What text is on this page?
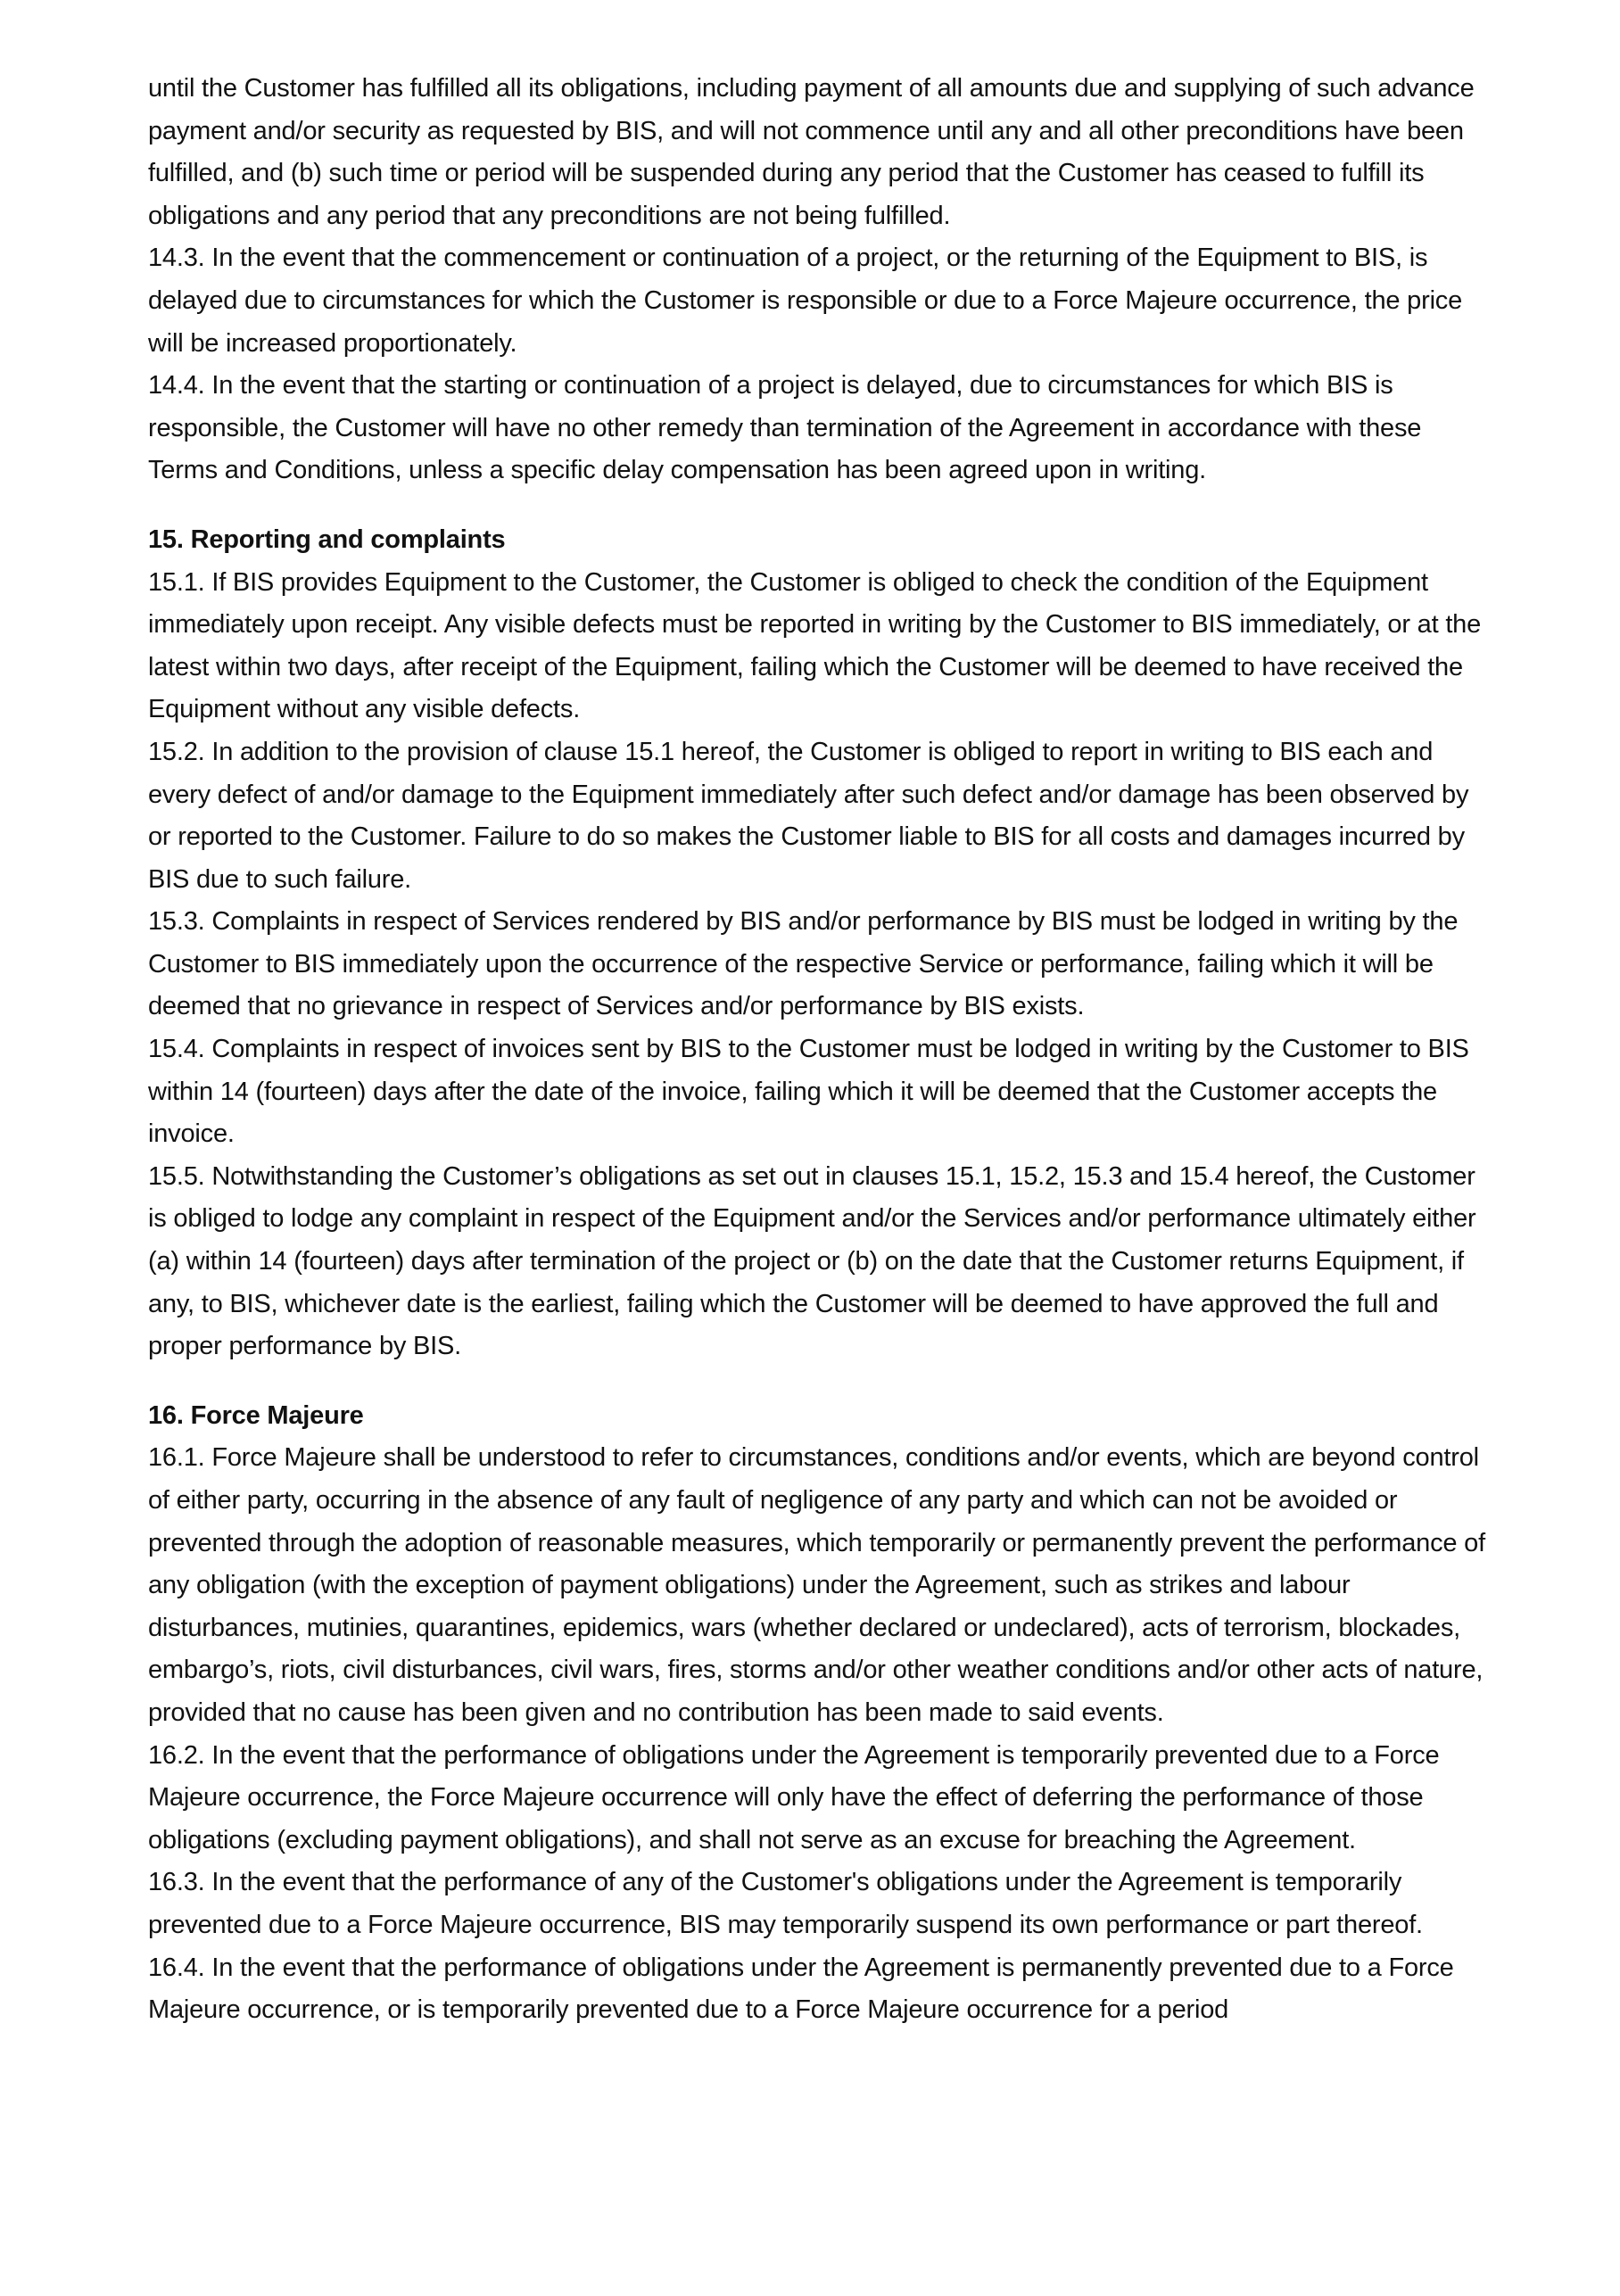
until the Customer has fulfilled all its obligations, including payment of all amounts due and supplying of such advance payment and/or security as requested by BIS, and will not commence until any and all other preconditions have been fulfilled, and (b) such time or period will be suspended during any period that the Customer has ceased to fulfill its obligations and any period that any preconditions are not being fulfilled.

14.3. In the event that the commencement or continuation of a project, or the returning of the Equipment to BIS, is delayed due to circumstances for which the Customer is responsible or due to a Force Majeure occurrence, the price will be increased proportionately.

14.4. In the event that the starting or continuation of a project is delayed, due to circumstances for which BIS is responsible, the Customer will have no other remedy than termination of the Agreement in accordance with these Terms and Conditions, unless a specific delay compensation has been agreed upon in writing.

15. Reporting and complaints

15.1. If BIS provides Equipment to the Customer, the Customer is obliged to check the condition of the Equipment immediately upon receipt. Any visible defects must be reported in writing by the Customer to BIS immediately, or at the latest within two days, after receipt of the Equipment, failing which the Customer will be deemed to have received the Equipment without any visible defects.

15.2. In addition to the provision of clause 15.1 hereof, the Customer is obliged to report in writing to BIS each and every defect of and/or damage to the Equipment immediately after such defect and/or damage has been observed by or reported to the Customer. Failure to do so makes the Customer liable to BIS for all costs and damages incurred by BIS due to such failure.

15.3. Complaints in respect of Services rendered by BIS and/or performance by BIS must be lodged in writing by the Customer to BIS immediately upon the occurrence of the respective Service or performance, failing which it will be deemed that no grievance in respect of Services and/or performance by BIS exists.

15.4. Complaints in respect of invoices sent by BIS to the Customer must be lodged in writing by the Customer to BIS within 14 (fourteen) days after the date of the invoice, failing which it will be deemed that the Customer accepts the invoice.

15.5. Notwithstanding the Customer’s obligations as set out in clauses 15.1, 15.2, 15.3 and 15.4 hereof, the Customer is obliged to lodge any complaint in respect of the Equipment and/or the Services and/or performance ultimately either (a) within 14 (fourteen) days after termination of the project or (b) on the date that the Customer returns Equipment, if any, to BIS, whichever date is the earliest, failing which the Customer will be deemed to have approved the full and proper performance by BIS.

16. Force Majeure

16.1. Force Majeure shall be understood to refer to circumstances, conditions and/or events, which are beyond control of either party, occurring in the absence of any fault of negligence of any party and which can not be avoided or prevented through the adoption of reasonable measures, which temporarily or permanently prevent the performance of any obligation (with the exception of payment obligations) under the Agreement, such as strikes and labour disturbances, mutinies, quarantines, epidemics, wars (whether declared or undeclared), acts of terrorism, blockades, embargo’s, riots, civil disturbances, civil wars, fires, storms and/or other weather conditions and/or other acts of nature, provided that no cause has been given and no contribution has been made to said events.

16.2. In the event that the performance of obligations under the Agreement is temporarily prevented due to a Force Majeure occurrence, the Force Majeure occurrence will only have the effect of deferring the performance of those obligations (excluding payment obligations), and shall not serve as an excuse for breaching the Agreement.

16.3. In the event that the performance of any of the Customer's obligations under the Agreement is temporarily prevented due to a Force Majeure occurrence, BIS may temporarily suspend its own performance or part thereof.

16.4. In the event that the performance of obligations under the Agreement is permanently prevented due to a Force Majeure occurrence, or is temporarily prevented due to a Force Majeure occurrence for a period
